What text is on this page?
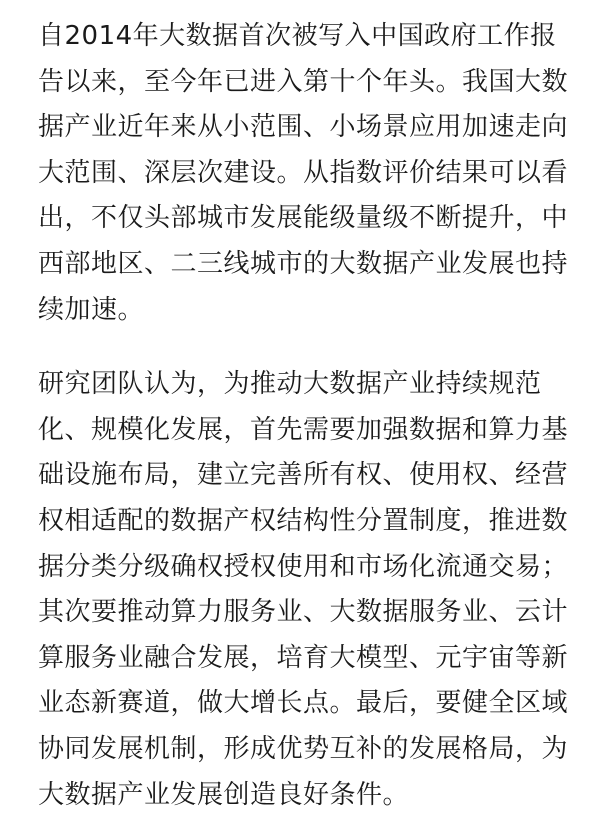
自2014年大数据首次被写入中国政府工作报
告以来，至今年已进入第十个年头。我国大数
据产业近年来从小范围、小场景应用加速走向
大范围、深层次建设。从指数评价结果可以看
出，不仅头部城市发展能级量级不断提升，中
西部地区、二三线城市的大数据产业发展也持
续加速。
研究团队认为，为推动大数据产业持续规范
化、规模化发展，首先需要加强数据和算力基
础设施布局，建立完善所有权、使用权、经营
权相适配的数据产权结构性分置制度，推进数
据分类分级确权授权使用和市场化流通交易；
其次要推动算力服务业、大数据服务业、云计
算服务业融合发展，培育大模型、元宇宙等新
业态新赛道，做大增长点。最后，要健全区域
协同发展机制，形成优势互补的发展格局，为
大数据产业发展创造良好条件。
